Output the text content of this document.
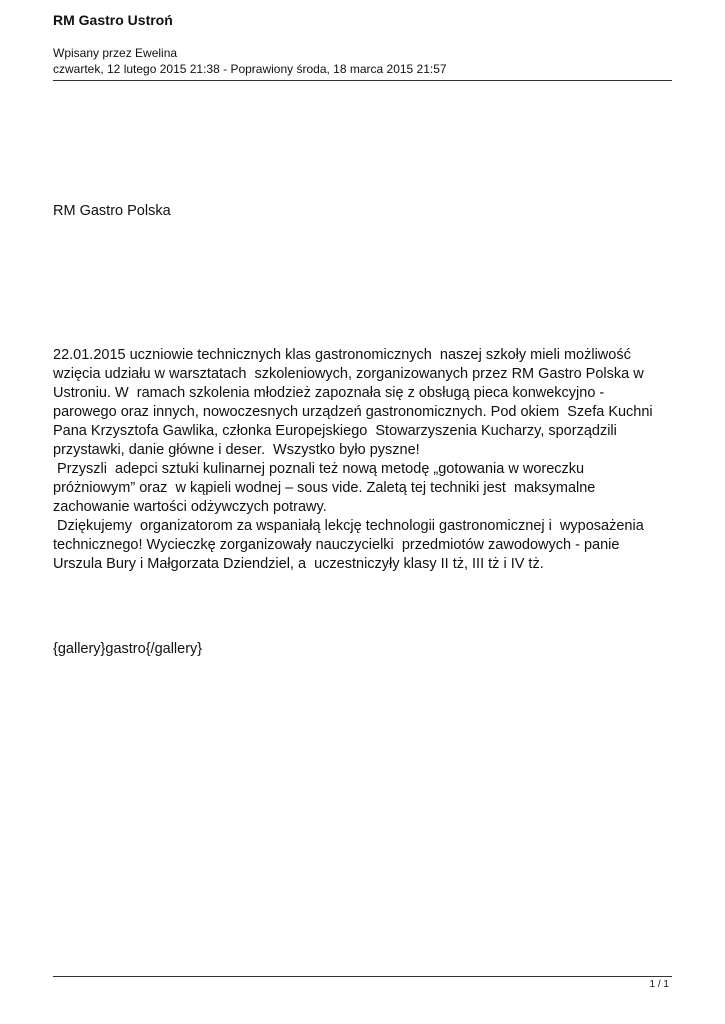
RM Gastro Ustroń
Wpisany przez Ewelina
czwartek, 12 lutego 2015 21:38 - Poprawiony środa, 18 marca 2015 21:57
RM Gastro Polska
22.01.2015 uczniowie technicznych klas gastronomicznych  naszej szkoły mieli możliwość
wzięcia udziału w warsztatach  szkoleniowych, zorganizowanych przez RM Gastro Polska w
Ustroniu. W  ramach szkolenia młodzież zapoznała się z obsługą pieca konwekcyjno -
parowego oraz innych, nowoczesnych urządzeń gastronomicznych. Pod okiem  Szefa Kuchni
Pana Krzysztofa Gawlika, członka Europejskiego  Stowarzyszenia Kucharzy, sporządzili
przystawki, danie główne i deser.  Wszystko było pyszne!
Przyszli  adepci sztuki kulinarnej poznali też nową metodę „gotowania w woreczku
próżniowym” oraz  w kąpieli wodnej – sous vide. Zaletą tej techniki jest  maksymalne
zachowanie wartości odżywczych potrawy.
Dziękujemy  organizatorom za wspaniałą lekcję technologii gastronomicznej i  wyposażenia
technicznego! Wycieczkę zorganizowały nauczycielki  przedmiotów zawodowych - panie
Urszula Bury i Małgorzata Dziendziel, a  uczestniczyły klasy II tż, III tż i IV tż.
{gallery}gastro{/gallery}
1 / 1
